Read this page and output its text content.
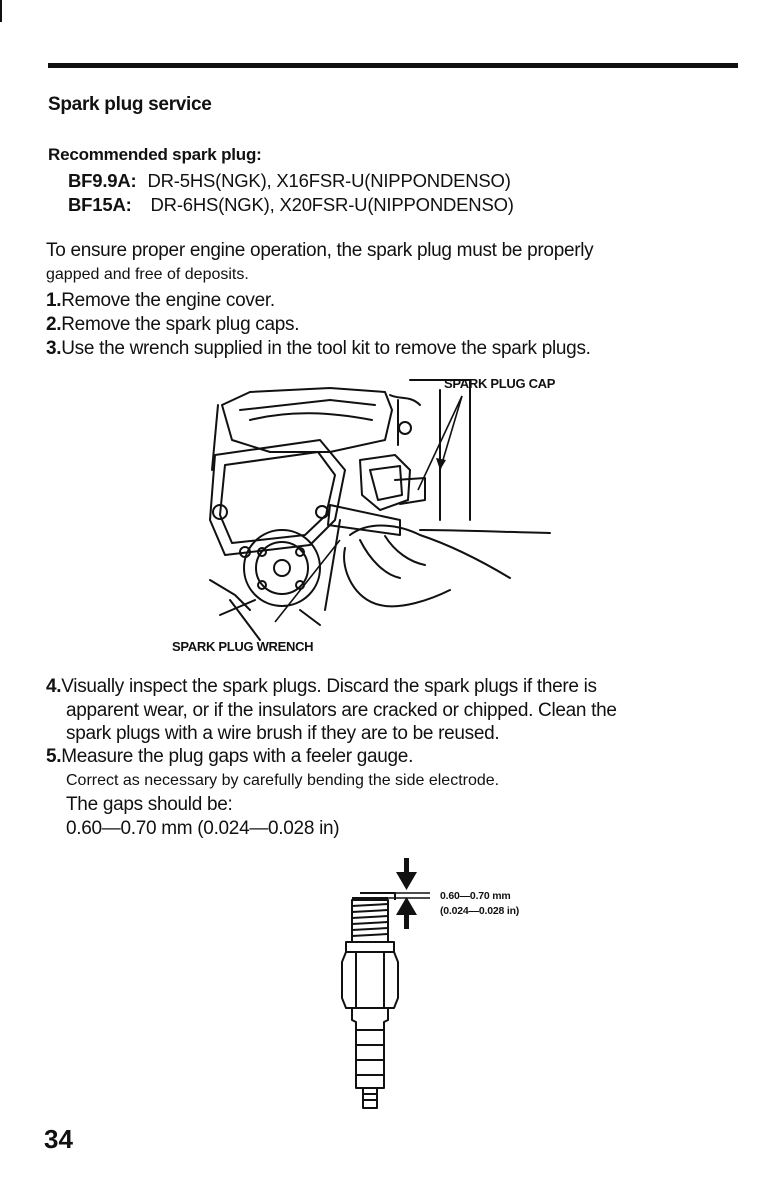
Spark plug service
Recommended spark plug:
BF9.9A: DR-5HS(NGK), X16FSR-U(NIPPONDENSO)
BF15A: DR-6HS(NGK), X20FSR-U(NIPPONDENSO)
To ensure proper engine operation, the spark plug must be properly
gapped and free of deposits.
1.Remove the engine cover.
2.Remove the spark plug caps.
3.Use the wrench supplied in the tool kit to remove the spark plugs.
SPARK PLUG CAP
SPARK PLUG WRENCH
4.Visually inspect the spark plugs. Discard the spark plugs if there is
apparent wear, or if the insulators are cracked or chipped. Clean the
spark plugs with a wire brush if they are to be reused.
5.Measure the plug gaps with a feeler gauge.
Correct as necessary by carefully bending the side electrode.
The gaps should be:
0.60—0.70 mm (0.024—0.028 in)
0.60—0.70 mm
(0.024—0.028 in)
34
